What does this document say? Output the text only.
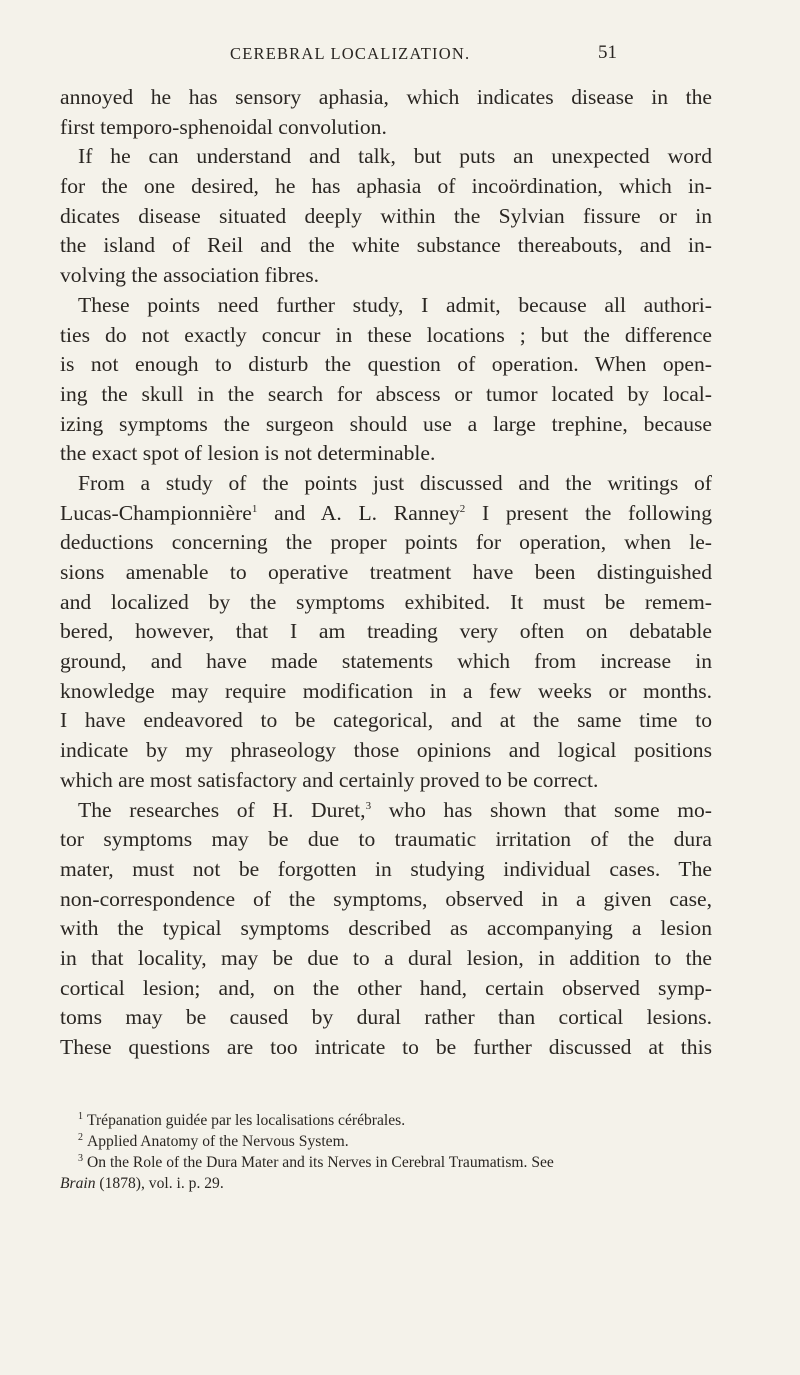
CEREBRAL LOCALIZATION.	51
annoyed he has sensory aphasia, which indicates disease in the
first temporo-sphenoidal convolution.
If he can understand and talk, but puts an unexpected word
for the one desired, he has aphasia of incoördination, which in-
dicates disease situated deeply within the Sylvian fissure or in
the island of Reil and the white substance thereabouts, and in-
volving the association fibres.
These points need further study, I admit, because all authori-
ties do not exactly concur in these locations ; but the difference
is not enough to disturb the question of operation. When open-
ing the skull in the search for abscess or tumor located by local-
izing symptoms the surgeon should use a large trephine, because
the exact spot of lesion is not determinable.
From a study of the points just discussed and the writings of
Lucas-Championnière$^1$ and A. L. Ranney$^2$ I present the following
deductions concerning the proper points for operation, when le-
sions amenable to operative treatment have been distinguished
and localized by the symptoms exhibited. It must be remem-
bered, however, that I am treading very often on debatable
ground, and have made statements which from increase in
knowledge may require modification in a few weeks or months.
I have endeavored to be categorical, and at the same time to
indicate by my phraseology those opinions and logical positions
which are most satisfactory and certainly proved to be correct.
The researches of H. Duret,$^3$ who has shown that some mo-
tor symptoms may be due to traumatic irritation of the dura
mater, must not be forgotten in studying individual cases. The
non-correspondence of the symptoms, observed in a given case,
with the typical symptoms described as accompanying a lesion
in that locality, may be due to a dural lesion, in addition to the
cortical lesion; and, on the other hand, certain observed symp-
toms may be caused by dural rather than cortical lesions.
These questions are too intricate to be further discussed at this
$^1$ Trépanation guidée par les localisations cérébrales.
$^2$ Applied Anatomy of the Nervous System.
$^3$ On the Role of the Dura Mater and its Nerves in Cerebral Traumatism. See
Brain (1878), vol. i. p. 29.
